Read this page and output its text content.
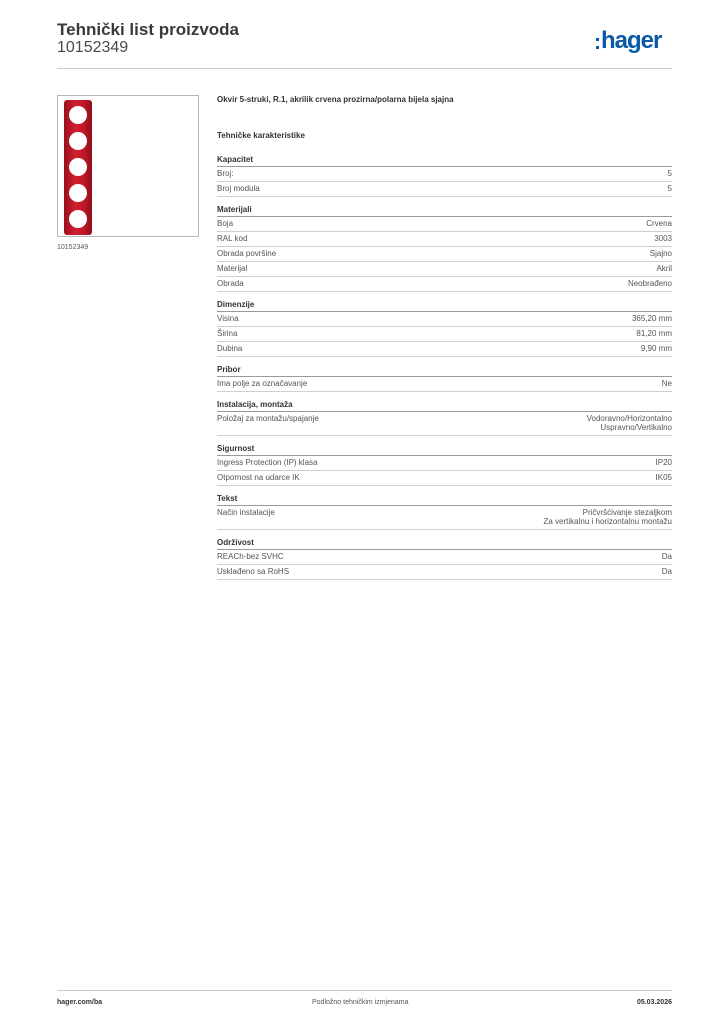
Tehnički list proizvoda
10152349	hager
10152349
Okvir 5-struki, R.1, akrilik crvena prozirna/polarna bijela sjajna
Tehničke karakteristike
Kapacitet
Broj:	5
Broj modula	5
Materijali
Boja	Crvena
RAL kod	3003
Obrada površine	Sjajno
Materijal	Akril
Obrada	Neobrađeno
Dimenzije
Visina	365,20 mm
Širina	81,20 mm
Dubina	9,90 mm
Pribor
Ima polje za označavanje	Ne
Instalacija, montaža
Položaj za montažu/spajanje	Vodoravno/Horizontalno
Uspravno/Vertikalno
Sigurnost
Ingress Protection (IP) klasa	IP20
Otpornost na udarce IK	IK05
Tekst
Način instalacije	Pričvršćivanje stezaljkom
Za vertikalnu i horizontalnu montažu
Održivost
REACh-bez SVHC	Da
Usklađeno sa RoHS	Da
hager.com/ba	Podložno tehničkim izmjenama	05.03.2026
